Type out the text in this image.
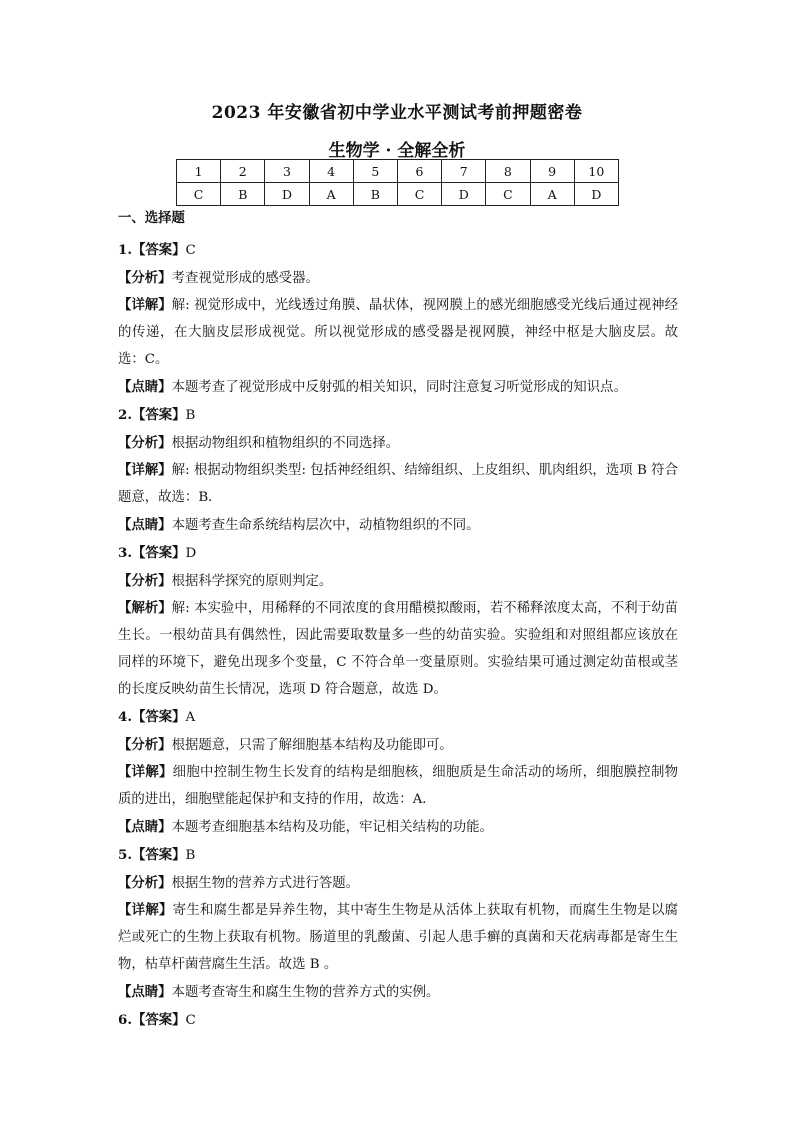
2023 年安徽省初中学业水平测试考前押题密卷
生物学 · 全解全析
1	2	3	4	5	6	7	8	9	10
C	B	D	A	B	C	D	C	A	D
一、选择题
1.【答案】C
【分析】考查视觉形成的感受器。
【详解】解: 视觉形成中，光线透过角膜、晶状体，视网膜上的感光细胞感受光线后通过视神经的传递，在大脑皮层形成视觉。所以视觉形成的感受器是视网膜，神经中枢是大脑皮层。故选：C。
【点睛】本题考查了视觉形成中反射弧的相关知识，同时注意复习听觉形成的知识点。
2.【答案】B
【分析】根据动物组织和植物组织的不同选择。
【详解】解: 根据动物组织类型: 包括神经组织、结缔组织、上皮组织、肌肉组织，选项 B 符合题意，故选：B．
【点睛】本题考查生命系统结构层次中，动植物组织的不同。
3.【答案】D
【分析】根据科学探究的原则判定。
【解析】解: 本实验中，用稀释的不同浓度的食用醋模拟酸雨，若不稀释浓度太高，不利于幼苗生长。一根幼苗具有偶然性，因此需要取数量多一些的幼苗实验。实验组和对照组都应该放在同样的环境下，避免出现多个变量，C 不符合单一变量原则。实验结果可通过测定幼苗根或茎的长度反映幼苗生长情况，选项 D 符合题意，故选 D。
4.【答案】A
【分析】根据题意，只需了解细胞基本结构及功能即可。
【详解】细胞中控制生物生长发育的结构是细胞核，细胞质是生命活动的场所，细胞膜控制物质的进出，细胞壁能起保护和支持的作用，故选：A．
【点睛】本题考查细胞基本结构及功能，牢记相关结构的功能。
5.【答案】B
【分析】根据生物的营养方式进行答题。
【详解】寄生和腐生都是异养生物，其中寄生生物是从活体上获取有机物，而腐生生物是以腐烂或死亡的生物上获取有机物。肠道里的乳酸菌、引起人患手癣的真菌和天花病毒都是寄生生物，枯草杆菌营腐生生活。故选 B 。
【点睛】本题考查寄生和腐生生物的营养方式的实例。
6.【答案】C
